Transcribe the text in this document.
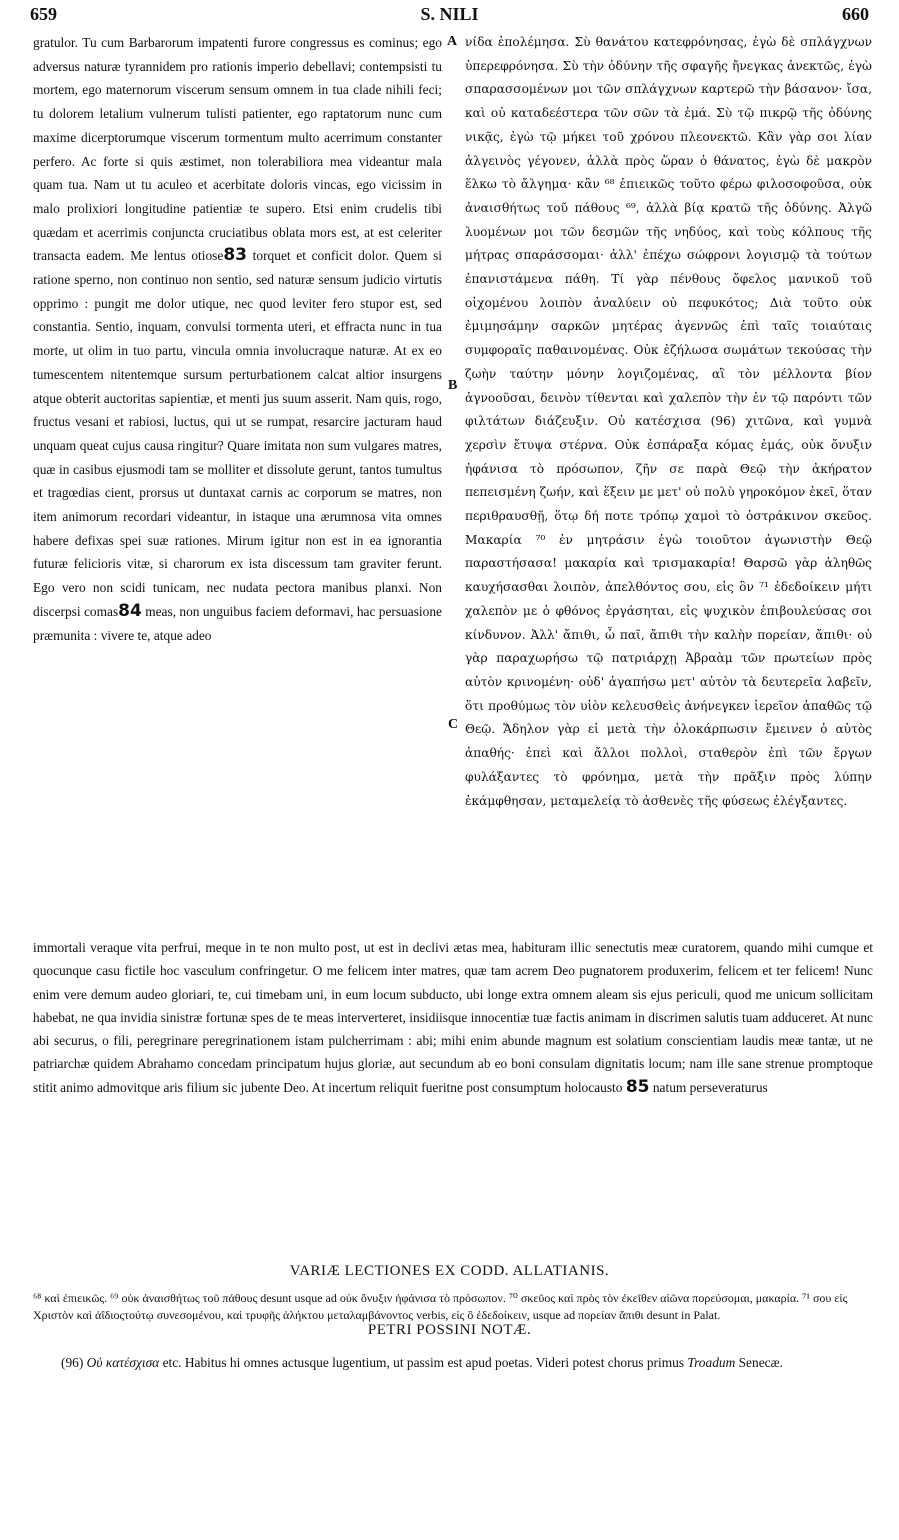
659	S. NILI	660
A
B
C

gratulor. Tu cum Barbarorum impatenti furore congressus es cominus; ego adversus naturæ tyrannidem pro rationis imperio debellavi; contempsisti tu mortem, ego maternorum viscerum sensum omnem in tua clade nihili feci; tu dolorem letalium vulnerum tulisti patienter, ego raptatorum nunc cum maxime dicerptorumque viscerum tormentum multo acerrimum constanter perfero. Ac forte si quis æstimet, non tolerabiliora mea videantur mala quam tua. Nam ut tu aculeo et acerbitate doloris vincas, ego vicissim in malo prolixiori longitudine patientiæ te supero. Etsi enim crudelis tibi quædam et acerrimis conjuncta cruciatibus oblata mors est, at est celeriter transacta eadem. Me lentus otiose83 torquet et conficit dolor. Quem si ratione sperno, non continuo non sentio, sed naturæ sensum judicio virtutis opprimo : pungit me dolor utique, nec quod leviter fero stupor est, sed constantia. Sentio, inquam, convulsi tormenta uteri, et effracta nunc in tua morte, ut olim in tuo partu, vincula omnia involucraque naturæ. At ex eo tumescentem nitentemque sursum perturbationem calcat altior insurgens atque obterit auctoritas sapientiæ, et menti jus suum asserit. Nam quis, rogo, fructus vesani et rabiosi, luctus, qui ut se rumpat, resarcire jacturam haud unquam queat cujus causa ringitur? Quare imitata non sum vulgares matres, quæ in casibus ejusmodi tam se molliter et dissolute gerunt, tantos tumultus et tragœdias cient, prorsus ut duntaxat carnis ac corporum se matres, non item animorum recordari videantur, in istaque una ærumnosa vita omnes habere defixas spei suæ rationes. Mirum igitur non est in ea ignorantia futuræ felicioris vitæ, si charorum ex ista discessum tam graviter ferunt. Ego vero non scidi tunicam, nec nudata pectora manibus planxi. Non discerpsi comas84 meas, non unguibus faciem deformavi, hac persuasione præmunita : vivere te, atque adeo

νίδα ἐπολέμησα. Σὺ θανάτου κατεφρόνησας, ἐγὼ δὲ σπλάγχνων ὑπερεφρόνησα. Σὺ τὴν ὀδύνην τῆς σφαγῆς ἤνεγκας ἀνεκτῶς, ἐγὼ σπαρασσομένων μοι τῶν σπλάγχνων καρτερῶ τὴν βάσανον· ἴσα, καὶ οὐ καταδεέστερα τῶν σῶν τὰ ἐμά. Σὺ τῷ πικρῷ τῆς ὀδύνης νικᾷς, ἐγὼ τῷ μήκει τοῦ χρόνου πλεονεκτῶ. Κἂν γὰρ σοι λίαν ἀλγεινὸς γέγονεν, ἀλλὰ πρὸς ὥραν ὁ θάνατος, ἐγὼ δὲ μακρὸν ἕλκω τὸ ἄλγημα· κἂν ⁶⁸ ἐπιεικῶς τοῦτο φέρω φιλοσοφοῦσα, οὐκ ἀναισθήτως τοῦ πάθους ⁶⁹, ἀλλὰ βίᾳ κρατῶ τῆς ὀδύνης. Ἀλγῶ λυομένων μοι τῶν δεσμῶν τῆς νηδύος, καὶ τοὺς κόλπους τῆς μήτρας σπαράσσομαι· ἀλλ' ἐπέχω σώφρονι λογισμῷ τὰ τούτων ἐπανιστάμενα πάθη. Τί γὰρ πένθους ὄφελος μανικοῦ τοῦ οἰχομένου λοιπὸν ἀναλύειν οὐ πεφυκότος; Διὰ τοῦτο οὐκ ἐμιμησάμην σαρκῶν μητέρας ἀγεννῶς ἐπὶ ταῖς τοιαύταις συμφοραῖς παθαινομένας. Οὐκ ἐζήλωσα σωμάτων τεκούσας τὴν ζωὴν ταύτην μόνην λογιζομένας, αἳ τὸν μέλλοντα βίον ἀγνοοῦσαι, δεινὸν τίθενται καὶ χαλεπὸν τὴν ἐν τῷ παρόντι τῶν φιλτάτων διάζευξιν. Οὐ κατέσχισα (96) χιτῶνα, καὶ γυμνὰ χερσὶν ἔτυψα στέρνα. Οὐκ ἐσπάραξα κόμας ἐμάς, οὐκ ὄνυξιν ἠφάνισα τὸ πρόσωπον, ζῆν σε παρὰ Θεῷ τὴν ἀκήρατον πεπεισμένη ζωήν, καὶ ἕξειν με μετ' οὐ πολὺ γηροκόμον ἐκεῖ, ὅταν περιθραυσθῇ, ὅτῳ δή ποτε τρόπῳ χαμοὶ τὸ ὀστράκινον σκεῦος. Μακαρία ⁷⁰ ἐν μητράσιν ἐγὼ τοιοῦτον ἀγωνιστὴν Θεῷ παραστήσασα! μακαρία καὶ τρισμακαρία! Θαρσῶ γὰρ ἀληθῶς καυχήσασθαι λοιπὸν, ἀπελθόντος σου, εἰς ὃν ⁷¹ ἐδεδοίκειν μήτι χαλεπὸν με ὁ φθόνος ἐργάσηται, εἰς ψυχικὸν ἐπιβουλεύσας σοι κίνδυνον. Ἀλλ' ἄπιθι, ὦ παῖ, ἄπιθι τὴν καλὴν πορείαν, ἄπιθι· οὐ γὰρ παραχωρήσω τῷ πατριάρχῃ Ἀβραὰμ τῶν πρωτείων πρὸς αὐτὸν κρινομένη· οὐδ' ἀγαπήσω μετ' αὐτὸν τὰ δευτερεῖα λαβεῖν, ὅτι προθύμως τὸν υἱὸν κελευσθεὶς ἀνήνεγκεν ἱερεῖον ἀπαθῶς τῷ Θεῷ. Ἄδηλον γὰρ εἰ μετὰ τὴν ὁλοκάρπωσιν ἔμεινεν ὁ αὐτὸς ἀπαθής· ἐπεὶ καὶ ἄλλοι πολλοὶ, σταθερὸν ἐπὶ τῶν ἔργων φυλάξαντες τὸ φρόνημα, μετὰ τὴν πρᾶξιν πρὸς λύπην ἐκάμφθησαν, μεταμελείᾳ τὸ ἀσθενὲς τῆς φύσεως ἐλέγξαντες.

immortali veraque vita perfrui, meque in te non multo post, ut est in declivi ætas mea, habituram illic senectutis meæ curatorem, quando mihi cumque et quocunque casu fictile hoc vasculum confringetur. O me felicem inter matres, quæ tam acrem Deo pugnatorem produxerim, felicem et ter felicem! Nunc enim vere demum audeo gloriari, te, cui timebam uni, in eum locum subducto, ubi longe extra omnem aleam sis ejus periculi, quod me unicum sollicitam habebat, ne qua invidia sinistræ fortunæ spes de te meas interverteret, insidiisque innocentiæ tuæ factis animam in discrimen salutis tuam adduceret. At nunc abi securus, o fili, peregrinare peregrinationem istam pulcherrimam : abi; mihi enim abunde magnum est solatium conscientiam laudis meæ tantæ, ut ne patriarchæ quidem Abrahamo concedam principatum hujus gloriæ, aut secundum ab eo boni consulam dignitatis locum; nam ille sane strenue promptoque stitit animo admovitque aris filium sic jubente Deo. At incertum reliquit fueritne post consumptum holocausto 85 natum perseveraturus

VARIÆ LECTIONES EX CODD. ALLATIANIS.

⁶⁸ καὶ ἐπιεικῶς. ⁶⁹ οὐκ ἀναισθήτως τοῦ πάθους desunt usque ad οὐκ ὄνυξιν ἠφάνισα τὸ πρόσωπον. ⁷⁰ σκεῦος καὶ πρὸς τὸν ἐκεῖθεν αἰῶνα πορεύσομαι, μακαρία. ⁷¹ σου εἰς Χριστὸν καὶ ἀΐδιοςτούτῳ συνεσομένου, καὶ τρυφῆς ἀλήκτου μεταλαμβάνοντος verbis, εἰς ὃ ἐδεδοίκειν, usque ad πορείαν ἄπιθι desunt in Palat.

PETRI POSSINI NOTÆ.

(96) Οὐ κατέσχισα etc. Habitus hi omnes actusque lugentium, ut passim est apud poetas. Videri potest chorus primus Troadum Senecæ.
